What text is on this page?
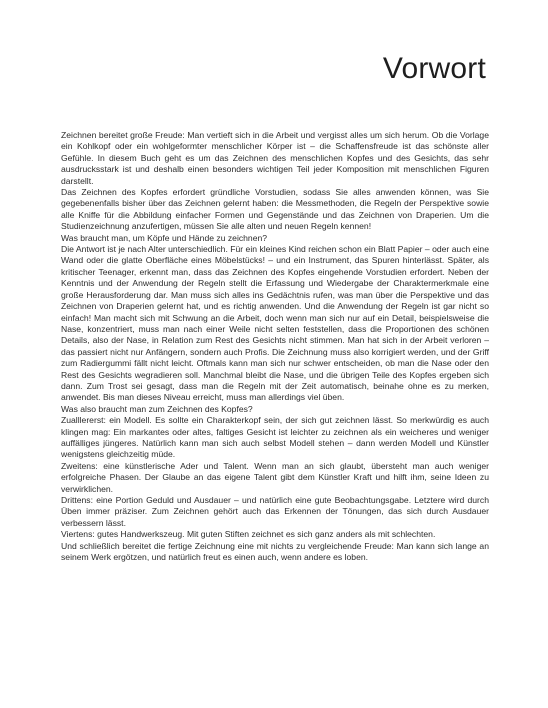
Vorwort

Zeichnen bereitet große Freude: Man vertieft sich in die Arbeit und vergisst alles um sich herum. Ob die Vorlage ein Kohlkopf oder ein wohlgeformter menschlicher Körper ist – die Schaffensfreude ist das schönste aller Gefühle. In diesem Buch geht es um das Zeichnen des menschlichen Kopfes und des Gesichts, das sehr ausdrucksstark ist und deshalb einen besonders wichtigen Teil jeder Komposition mit menschlichen Figuren darstellt.

Das Zeichnen des Kopfes erfordert gründliche Vorstudien, sodass Sie alles anwenden können, was Sie gegebenenfalls bisher über das Zeichnen gelernt haben: die Messmethoden, die Regeln der Perspektive sowie alle Kniffe für die Abbildung einfacher Formen und Gegenstände und das Zeichnen von Draperien. Um die Studienzeichnung anzufertigen, müssen Sie alle alten und neuen Regeln kennen!

Was braucht man, um Köpfe und Hände zu zeichnen?

Die Antwort ist je nach Alter unterschiedlich. Für ein kleines Kind reichen schon ein Blatt Papier – oder auch eine Wand oder die glatte Oberfläche eines Möbelstücks! – und ein Instrument, das Spuren hinterlässt. Später, als kritischer Teenager, erkennt man, dass das Zeichnen des Kopfes eingehende Vorstudien erfordert. Neben der Kenntnis und der Anwendung der Regeln stellt die Erfassung und Wiedergabe der Charaktermerkmale eine große Herausforderung dar. Man muss sich alles ins Gedächtnis rufen, was man über die Perspektive und das Zeichnen von Draperien gelernt hat, und es richtig anwenden. Und die Anwendung der Regeln ist gar nicht so einfach! Man macht sich mit Schwung an die Arbeit, doch wenn man sich nur auf ein Detail, beispielsweise die Nase, konzentriert, muss man nach einer Weile nicht selten feststellen, dass die Proportionen des schönen Details, also der Nase, in Relation zum Rest des Gesichts nicht stimmen. Man hat sich in der Arbeit verloren – das passiert nicht nur Anfängern, sondern auch Profis. Die Zeichnung muss also korrigiert werden, und der Griff zum Radiergummi fällt nicht leicht. Oftmals kann man sich nur schwer entscheiden, ob man die Nase oder den Rest des Gesichts wegradieren soll. Manchmal bleibt die Nase, und die übrigen Teile des Kopfes ergeben sich dann. Zum Trost sei gesagt, dass man die Regeln mit der Zeit automatisch, beinahe ohne es zu merken, anwendet. Bis man dieses Niveau erreicht, muss man allerdings viel üben.

Was also braucht man zum Zeichnen des Kopfes?

Zualllererst: ein Modell. Es sollte ein Charakterkopf sein, der sich gut zeichnen lässt. So merkwürdig es auch klingen mag: Ein markantes oder altes, faltiges Gesicht ist leichter zu zeichnen als ein weicheres und weniger auffälliges jüngeres. Natürlich kann man sich auch selbst Modell stehen – dann werden Modell und Künstler wenigstens gleichzeitig müde.

Zweitens: eine künstlerische Ader und Talent. Wenn man an sich glaubt, übersteht man auch weniger erfolgreiche Phasen. Der Glaube an das eigene Talent gibt dem Künstler Kraft und hilft ihm, seine Ideen zu verwirklichen.

Drittens: eine Portion Geduld und Ausdauer – und natürlich eine gute Beobachtungsgabe. Letztere wird durch Üben immer präziser. Zum Zeichnen gehört auch das Erkennen der Tönungen, das sich durch Ausdauer verbessern lässt.

Viertens: gutes Handwerkszeug. Mit guten Stiften zeichnet es sich ganz anders als mit schlechten.

Und schließlich bereitet die fertige Zeichnung eine mit nichts zu vergleichende Freude: Man kann sich lange an seinem Werk ergötzen, und natürlich freut es einen auch, wenn andere es loben.
